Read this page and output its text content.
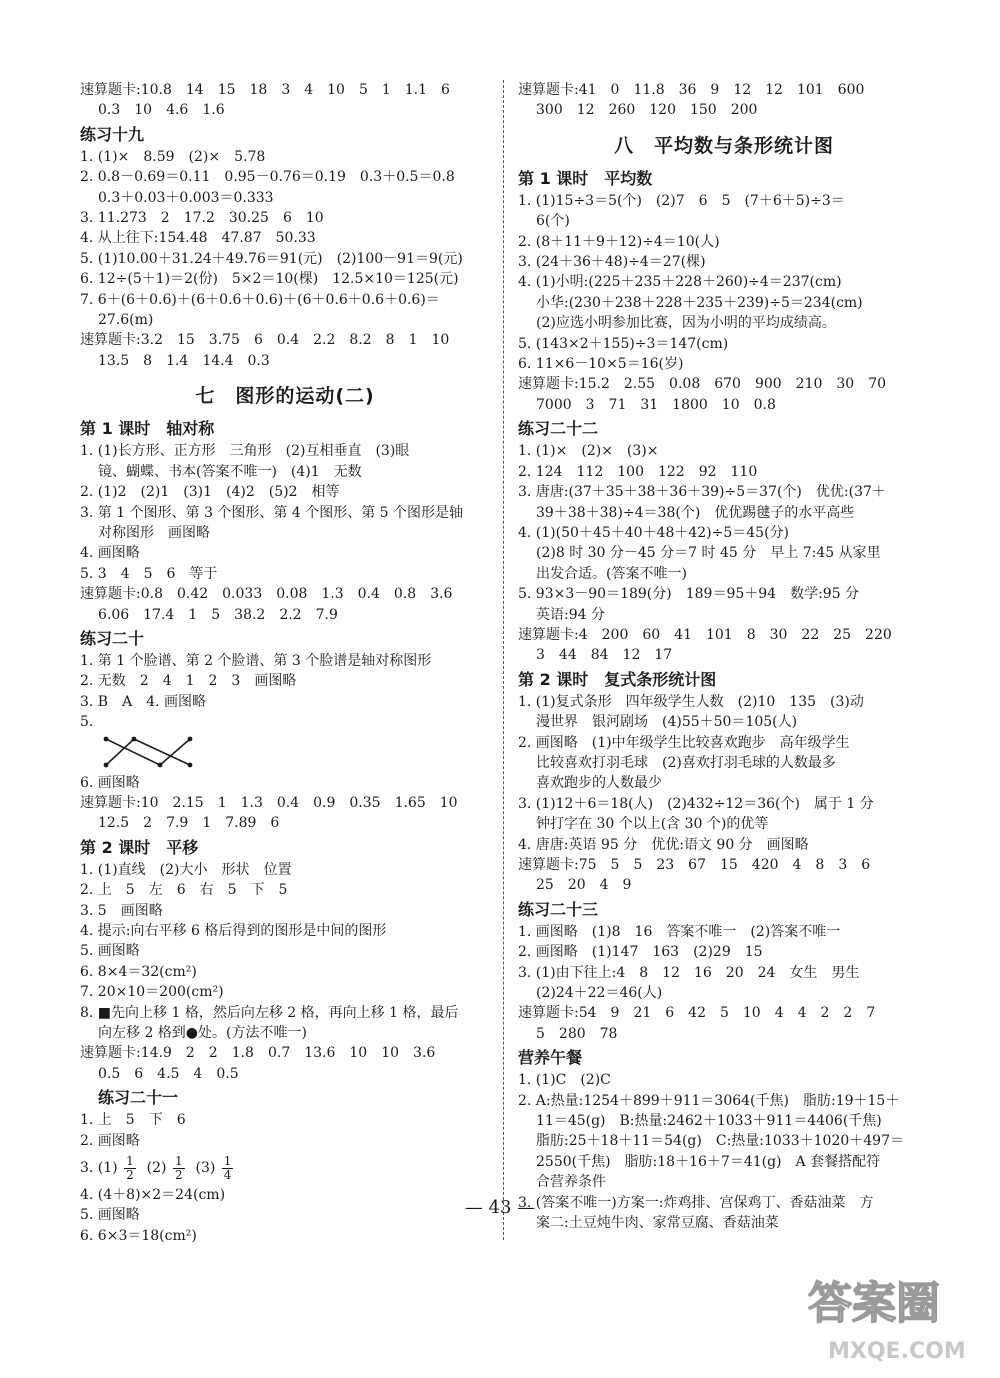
速算题卡:10.8　14　15　18　3　4　10　5　1　1.1　6
0.3　10　4.6　1.6
练习十九
1. (1)×　8.59　(2)×　5.78
2. 0.8－0.69＝0.11　0.95－0.76＝0.19　0.3＋0.5＝0.8
0.3＋0.03＋0.003＝0.333
3. 11.273　2　17.2　30.25　6　10
4. 从上往下:154.48　47.87　50.33
5. (1)10.00＋31.24＋49.76＝91(元)　(2)100－91＝9(元)
6. 12÷(5＋1)＝2(份)　5×2＝10(棵)　12.5×10＝125(元)
7. 6＋(6＋0.6)＋(6＋0.6＋0.6)＋(6＋0.6＋0.6＋0.6)＝
27.6(m)
速算题卡:3.2　15　3.75　6　0.4　2.2　8.2　8　1　10
13.5　8　1.4　14.4　0.3
七　图形的运动(二)
第 1 课时　轴对称
1. (1)长方形、正方形　三角形　(2)互相垂直　(3)眼
镜、蝴蝶、书本(答案不唯一)　(4)1　无数
2. (1)2　(2)1　(3)1　(4)2　(5)2　相等
3. 第 1 个图形、第 3 个图形、第 4 个图形、第 5 个图形是轴
对称图形　画图略
4. 画图略
5. 3　4　5　6　等于
速算题卡:0.8　0.42　0.033　0.08　1.3　0.4　0.8　3.6
6.06　17.4　1　5　38.2　2.2　7.9
练习二十
1. 第 1 个脸谱、第 2 个脸谱、第 3 个脸谱是轴对称图形
2. 无数　2　4　1　2　3　画图略
3. B　A　4. 画图略
5.
6. 画图略
速算题卡:10　2.15　1　1.3　0.4　0.9　0.35　1.65　10
12.5　2　7.9　1　7.89　6
第 2 课时　平移
1. (1)直线　(2)大小　形状　位置
2. 上　5　左　6　右　5　下　5
3. 5　画图略
4. 提示:向右平移 6 格后得到的图形是中间的图形
5. 画图略
6. 8×4＝32(cm²)
7. 20×10＝200(cm²)
8. ■先向上移 1 格，然后向左移 2 格，再向上移 1 格，最后
向左移 2 格到●处。(方法不唯一)
速算题卡:14.9　2　2　1.8　0.7　13.6　10　10　3.6
0.5　6　4.5　4　0.5
练习二十一
1. 上　5　下　6
2. 画图略
3. $(1) \frac{1}{2} (2) \frac{1}{2} (3) \frac{1}{4}$
4. (4＋8)×2＝24(cm)
5. 画图略
6. 6×3＝18(cm²)
速算题卡:41　0　11.8　36　9　12　12　101　600
300　12　260　120　150　200
八　平均数与条形统计图
第 1 课时　平均数
1. (1)15÷3＝5(个)　(2)7　6　5　(7＋6＋5)÷3＝
6(个)
2. (8＋11＋9＋12)÷4＝10(人)
3. (24＋36＋48)÷4＝27(棵)
4. (1)小明:(225＋235＋228＋260)÷4＝237(cm)
小华:(230＋238＋228＋235＋239)÷5＝234(cm)
(2)应选小明参加比赛，因为小明的平均成绩高。
5. (143×2＋155)÷3＝147(cm)
6. 11×6－10×5＝16(岁)
速算题卡:15.2　2.55　0.08　670　900　210　30　70
7000　3　71　31　1800　10　0.8
练习二十二
1. (1)×　(2)×　(3)×
2. 124　112　100　122　92　110
3. 唐唐:(37＋35＋38＋36＋39)÷5＝37(个)　优优:(37＋
39＋38＋38)÷4＝38(个)　优优踢毽子的水平高些
4. (1)(50＋45＋40＋48＋42)÷5＝45(分)
(2)8 时 30 分－45 分＝7 时 45 分　早上 7:45 从家里
出发合适。(答案不唯一)
5. 93×3－90＝189(分)　189＝95＋94　数学:95 分
英语:94 分
速算题卡:4　200　60　41　101　8　30　22　25　220
3　44　84　12　17
第 2 课时　复式条形统计图
1. (1)复式条形　四年级学生人数　(2)10　135　(3)动
漫世界　银河剧场　(4)55＋50＝105(人)
2. 画图略　(1)中年级学生比较喜欢跑步　高年级学生
比较喜欢打羽毛球　(2)喜欢打羽毛球的人数最多
喜欢跑步的人数最少
3. (1)12＋6＝18(人)　(2)432÷12＝36(个)　属于 1 分
钟打字在 30 个以上(含 30 个)的优等
4. 唐唐:英语 95 分　优优:语文 90 分　画图略
速算题卡:75　5　5　23　67　15　420　4　8　3　6
25　20　4　9
练习二十三
1. 画图略　(1)8　16　答案不唯一　(2)答案不唯一
2. 画图略　(1)147　163　(2)29　15
3. (1)由下往上:4　8　12　16　20　24　女生　男生
(2)24＋22＝46(人)
速算题卡:54　9　21　6　42　5　10　4　4　2　2　7
5　280　78
营养午餐
1. (1)C　(2)C
2. A:热量:1254＋899＋911＝3064(千焦)　脂肪:19＋15＋
11＝45(g)　B:热量:2462＋1033＋911＝4406(千焦)
脂肪:25＋18＋11＝54(g)　C:热量:1033＋1020＋497＝
2550(千焦)　脂肪:18＋16＋7＝41(g)　A 套餐搭配符
合营养条件
3. (答案不唯一)方案一:炸鸡排、宫保鸡丁、香菇油菜　方
案二:土豆炖牛肉、家常豆腐、香菇油菜
— 43 —
答案圈
MXQE.COM
